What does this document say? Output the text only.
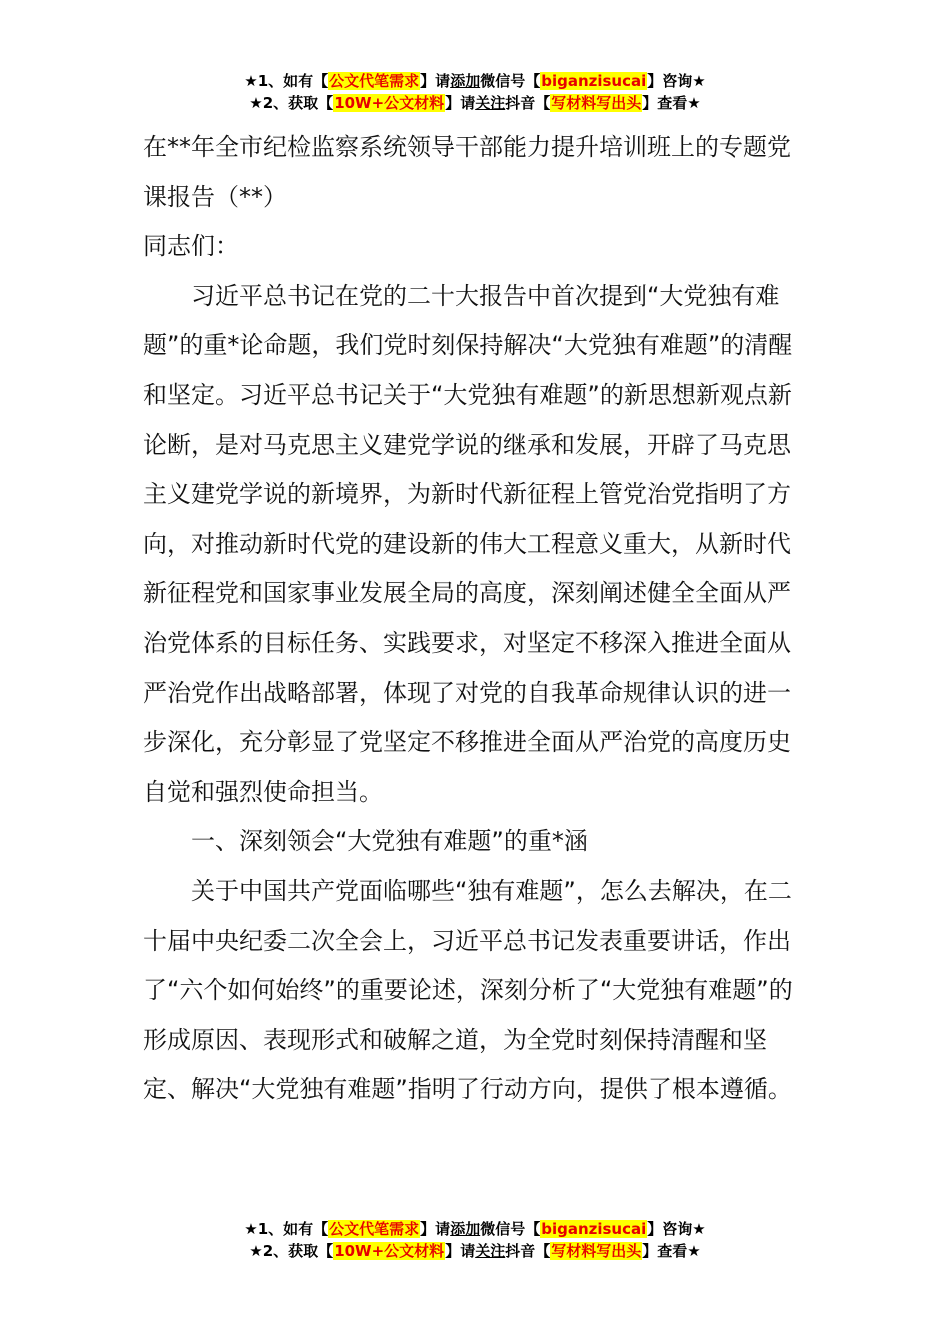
★1、如有【公文代笔需求】请添加微信号【biganzisucai】咨询★
★2、获取【10W+公文材料】请关注抖音【写材料写出头】查看★

在**年全市纪检监察系统领导干部能力提升培训班上的专题党课报告（**）

同志们：

习近平总书记在党的二十大报告中首次提到“大党独有难题”的重*论命题，我们党时刻保持解决“大党独有难题”的清醒和坚定。习近平总书记关于“大党独有难题”的新思想新观点新论断，是对马克思主义建党学说的继承和发展，开辟了马克思主义建党学说的新境界，为新时代新征程上管党治党指明了方向，对推动新时代党的建设新的伟大工程意义重大，从新时代新征程党和国家事业发展全局的高度，深刻阐述健全全面从严治党体系的目标任务、实践要求，对坚定不移深入推进全面从严治党作出战略部署，体现了对党的自我革命规律认识的进一步深化，充分彰显了党坚定不移推进全面从严治党的高度历史自觉和强烈使命担当。

一、深刻领会“大党独有难题”的重*涵

关于中国共产党面临哪些“独有难题”，怎么去解决，在二十届中央纪委二次全会上，习近平总书记发表重要讲话，作出了“六个如何始终”的重要论述，深刻分析了“大党独有难题”的形成原因、表现形式和破解之道，为全党时刻保持清醒和坚定、解决“大党独有难题”指明了行动方向，提供了根本遵循。

★1、如有【公文代笔需求】请添加微信号【biganzisucai】咨询★
★2、获取【10W+公文材料】请关注抖音【写材料写出头】查看★
